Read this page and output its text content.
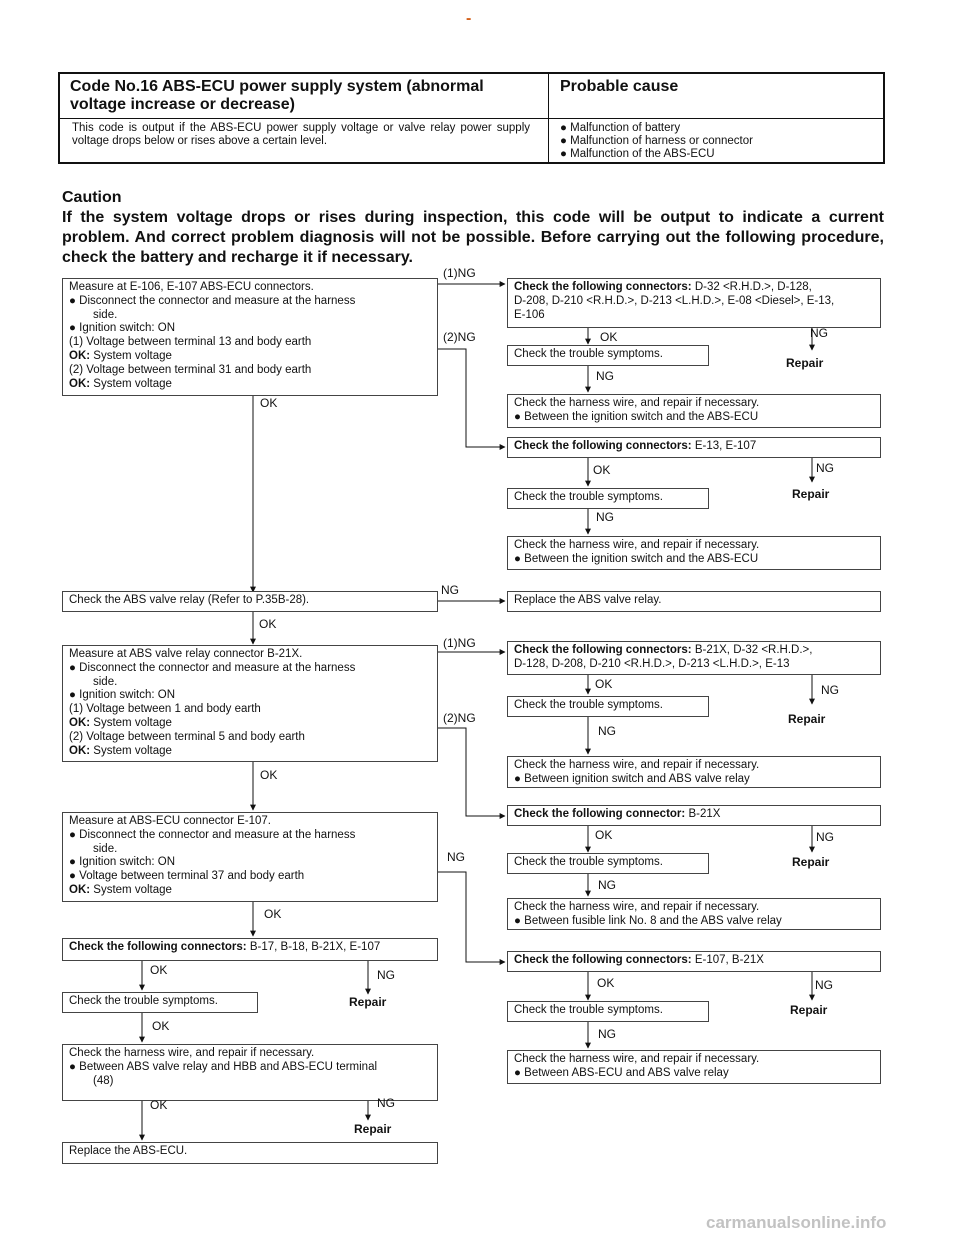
-
Code No.16 ABS-ECU power supply system (abnormal voltage increase or decrease)
Probable cause
This code is output if the ABS-ECU power supply voltage or valve relay power supply voltage drops below or rises above a certain level.
● Malfunction of battery
● Malfunction of harness or connector
● Malfunction of the ABS-ECU
Caution
If the system voltage drops or rises during inspection, this code will be output to indicate a current problem. And correct problem diagnosis will not be possible. Before carrying out the following procedure, check the battery and recharge it if necessary.
Measure at E-106, E-107 ABS-ECU connectors.
● Disconnect the connector and measure at the harness
side.
● Ignition switch: ON
(1) Voltage between terminal 13 and body earth
OK: System voltage
(2) Voltage between terminal 31 and body earth
OK: System voltage
Check the following connectors: D-32 <R.H.D.>, D-128,
D-208, D-210 <R.H.D.>, D-213 <L.H.D.>, E-08 <Diesel>, E-13,
E-106
Check the trouble symptoms.
Check the harness wire, and repair if necessary.
● Between the ignition switch and the ABS-ECU
Check the following connectors: E-13, E-107
Check the trouble symptoms.
Check the harness wire, and repair if necessary.
● Between the ignition switch and the ABS-ECU
Check the ABS valve relay (Refer to P.35B-28).	Replace the ABS valve relay.
Measure at ABS valve relay connector B-21X.
● Disconnect the connector and measure at the harness
side.
● Ignition switch: ON
(1) Voltage between 1 and body earth
OK: System voltage
(2) Voltage between terminal 5 and body earth
OK: System voltage
Check the following connectors: B-21X, D-32 <R.H.D.>,
D-128, D-208, D-210 <R.H.D.>, D-213 <L.H.D.>, E-13
Check the trouble symptoms.
Check the harness wire, and repair if necessary.
● Between ignition switch and ABS valve relay
Check the following connector: B-21X
Check the trouble symptoms.
Check the harness wire, and repair if necessary.
● Between fusible link No. 8 and the ABS valve relay
Measure at ABS-ECU connector E-107.
● Disconnect the connector and measure at the harness
side.
● Ignition switch: ON
● Voltage between terminal 37 and body earth
OK: System voltage
Check the following connectors: B-17, B-18, B-21X, E-107
Check the trouble symptoms.
Check the harness wire, and repair if necessary.
● Between ABS valve relay and HBB and ABS-ECU terminal
(48)
Replace the ABS-ECU.
Check the following connectors: E-107, B-21X
Check the trouble symptoms.
Check the harness wire, and repair if necessary.
● Between ABS-ECU and ABS valve relay
(1)NG
(2)NG
OK
OK	NG
Repair
NG
OK	NG
Repair
NG
NG
OK
(1)NG
(2)NG
OK	NG
Repair
NG
OK
OK	NG
Repair
NG
NG
OK
OK	NG
Repair
OK
OK	NG
Repair
OK	NG
Repair
NG
carmanualsonline.info
